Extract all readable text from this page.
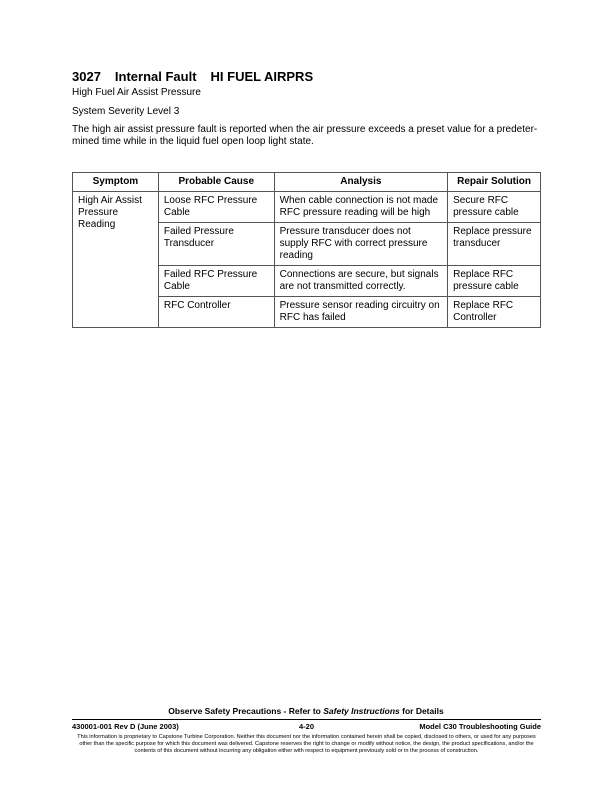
3027 Internal Fault HI FUEL AIRPRS
High Fuel Air Assist Pressure
System Severity Level 3
The high air assist pressure fault is reported when the air pressure exceeds a preset value for a predeter-mined time while in the liquid fuel open loop light state.
Symptom	Probable Cause	Analysis	Repair Solution
High Air Assist Pressure Reading	Loose RFC Pressure Cable	When cable connection is not made RFC pressure reading will be high	Secure RFC pressure cable
	Failed Pressure Transducer	Pressure transducer does not supply RFC with correct pressure reading	Replace pressure transducer
	Failed RFC Pressure Cable	Connections are secure, but signals are not transmitted correctly.	Replace RFC pressure cable
	RFC Controller	Pressure sensor reading circuitry on RFC has failed	Replace RFC Controller
Observe Safety Precautions - Refer to Safety Instructions for Details
430001-001 Rev D (June 2003)	4-20	Model C30 Troubleshooting Guide
This information is proprietary to Capstone Turbine Corporation. Neither this document nor the information contained herein shall be copied, disclosed to others, or used for any purposes other than the specific purpose for which this document was delivered. Capstone reserves the right to change or modify without notice, the design, the product specifications, and/or the contents of this document without incurring any obligation either with respect to equipment previously sold or in the process of construction.
